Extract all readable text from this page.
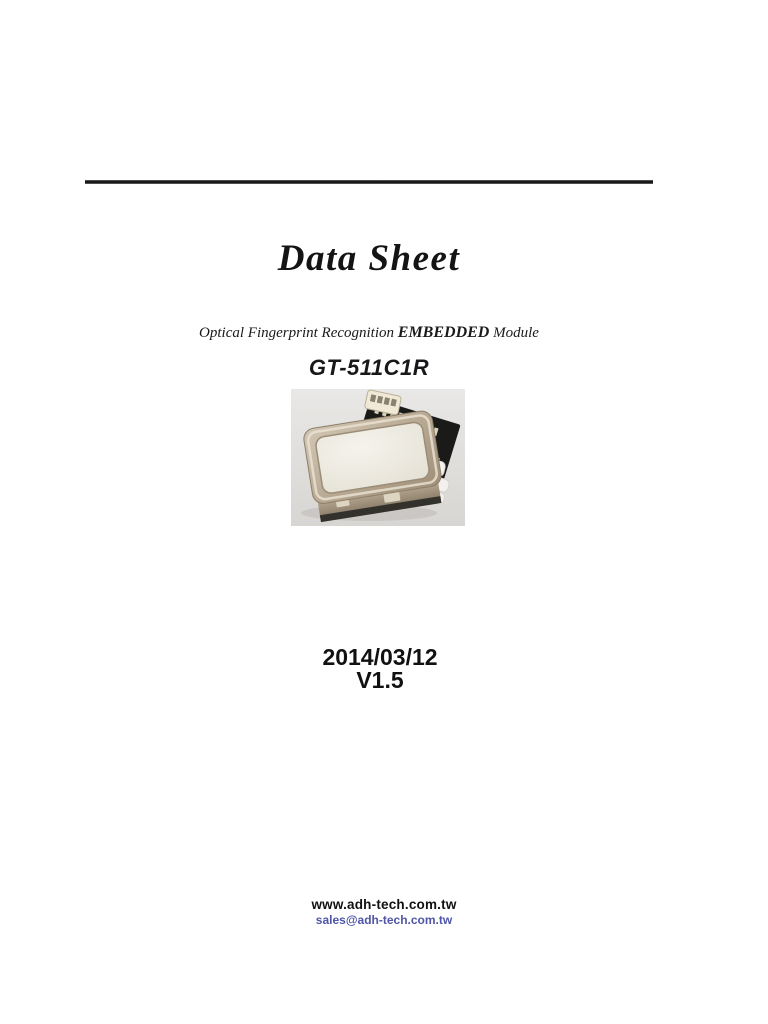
Data Sheet

Optical Fingerprint Recognition EMBEDDED Module

GT-511C1R
2014/03/12
V1.5
www.adh-tech.com.tw
sales@adh-tech.com.tw
